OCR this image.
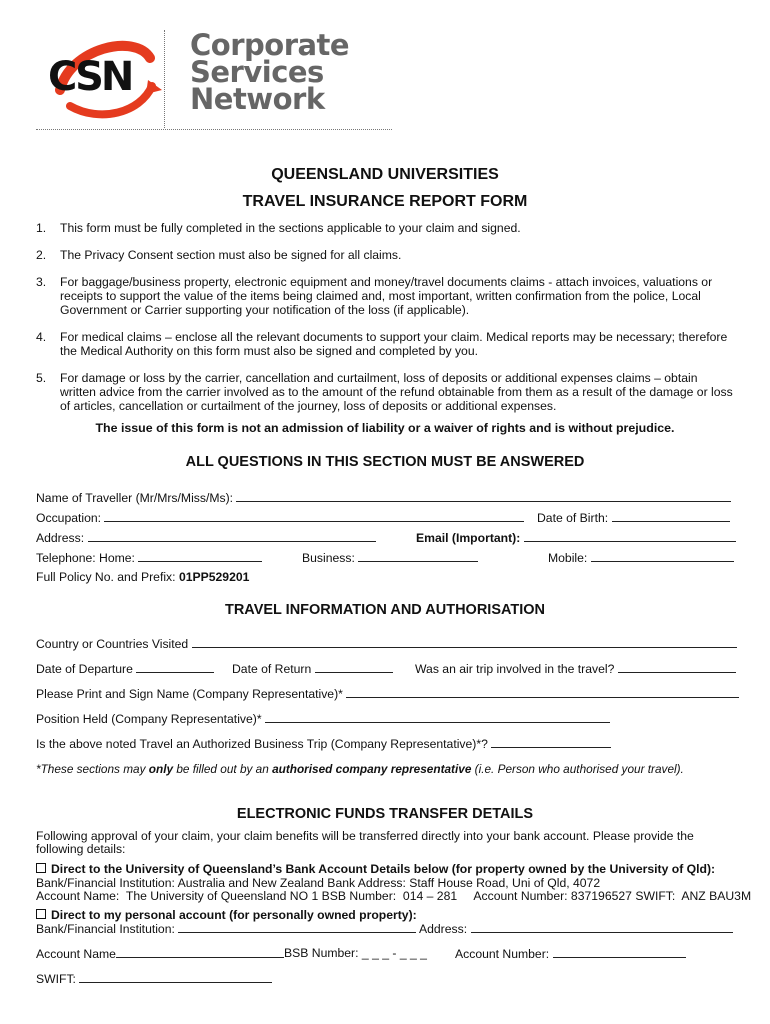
CSN
Corporate
Services
Network
QUEENSLAND UNIVERSITIES
TRAVEL INSURANCE REPORT FORM
1.	This form must be fully completed in the sections applicable to your claim and signed.
2.	The Privacy Consent section must also be signed for all claims.
3.	For baggage/business property, electronic equipment and money/travel documents claims - attach invoices, valuations or receipts to support the value of the items being claimed and, most important, written confirmation from the police, Local Government or Carrier supporting your notification of the loss (if applicable).
4.	For medical claims – enclose all the relevant documents to support your claim. Medical reports may be necessary; therefore the Medical Authority on this form must also be signed and completed by you.
5.	For damage or loss by the carrier, cancellation and curtailment, loss of deposits or additional expenses claims – obtain written advice from the carrier involved as to the amount of the refund obtainable from them as a result of the damage or loss of articles, cancellation or curtailment of the journey, loss of deposits or additional expenses.
The issue of this form is not an admission of liability or a waiver of rights and is without prejudice.
ALL QUESTIONS IN THIS SECTION MUST BE ANSWERED
Name of Traveller (Mr/Mrs/Miss/Ms):
Occupation:	Date of Birth:
Address:	Email (Important):
Telephone: Home:	Business:	Mobile:
Full Policy No. and Prefix: 01PP529201
TRAVEL INFORMATION AND AUTHORISATION
Country or Countries Visited
Date of Departure	Date of Return	Was an air trip involved in the travel?
Please Print and Sign Name (Company Representative)*
Position Held (Company Representative)*
Is the above noted Travel an Authorized Business Trip (Company Representative)*?
*These sections may only be filled out by an authorised company representative (i.e. Person who authorised your travel).
ELECTRONIC FUNDS TRANSFER DETAILS
Following approval of your claim, your claim benefits will be transferred directly into your bank account. Please provide the following details:
Direct to the University of Queensland’s Bank Account Details below (for property owned by the University of Qld):
Bank/Financial Institution: Australia and New Zealand Bank Address: Staff House Road, Uni of Qld, 4072
Account Name:  The University of Queensland NO 1 BSB Number:  014 – 281     Account Number: 837196527 SWIFT:  ANZ BAU3M
Direct to my personal account (for personally owned property):
Bank/Financial Institution:	Address:
Account Name	BSB Number: _ _ _ - _ _ _ Account Number:
SWIFT:
